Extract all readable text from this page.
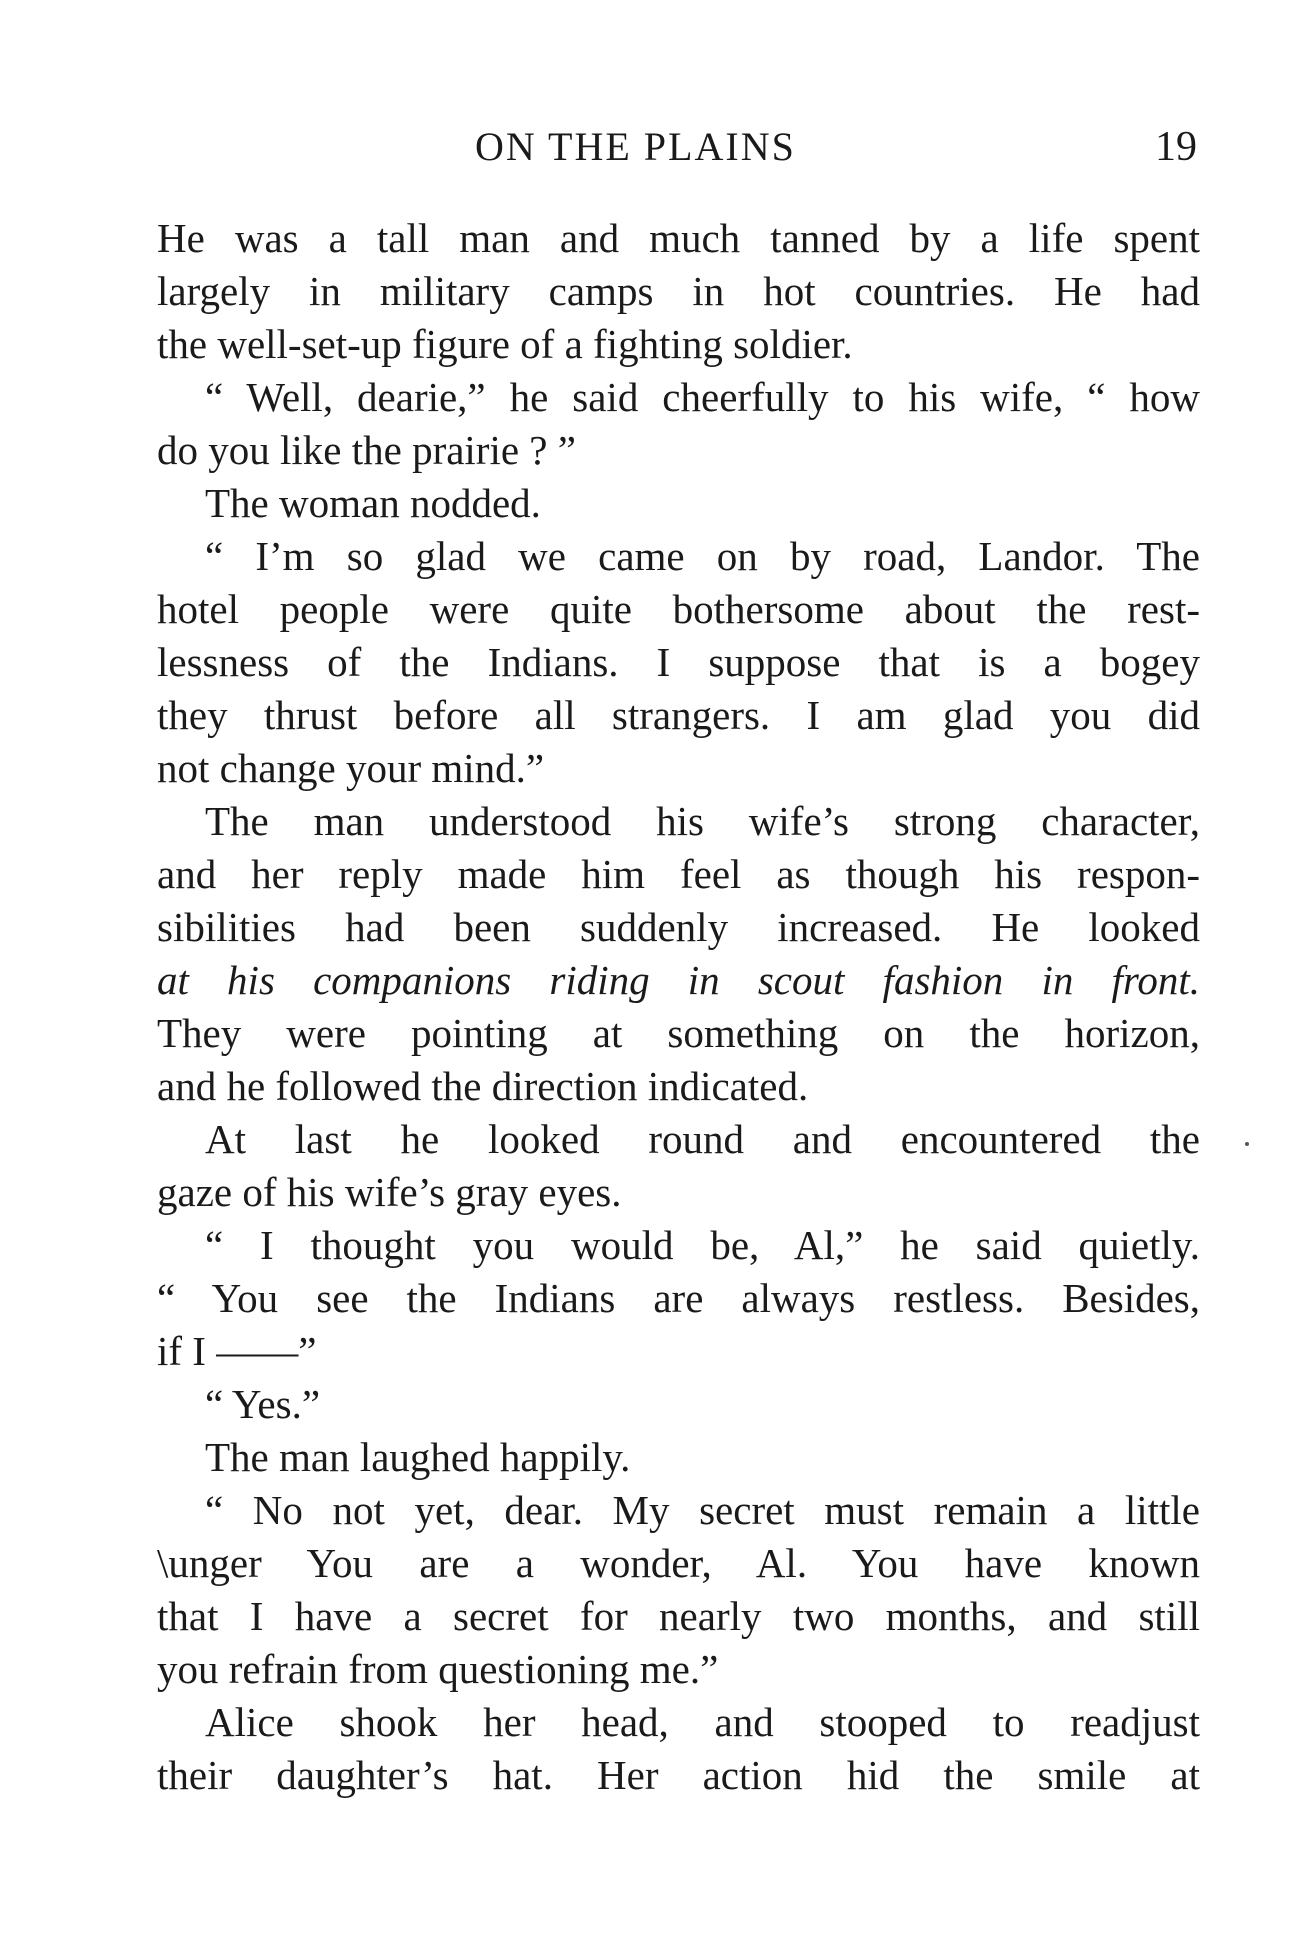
ON THE PLAINS	19
He was a tall man and much tanned by a life spent
largely in military camps in hot countries. He had
the well-set-up figure of a fighting soldier.
“ Well, dearie,” he said cheerfully to his wife, “ how
do you like the prairie ? ”
The woman nodded.
“ I’m so glad we came on by road, Landor. The
hotel people were quite bothersome about the rest-
lessness of the Indians. I suppose that is a bogey
they thrust before all strangers. I am glad you did
not change your mind.”
The man understood his wife’s strong character,
and her reply made him feel as though his respon-
sibilities had been suddenly increased. He looked
at his companions riding in scout fashion in front.
They were pointing at something on the horizon,
and he followed the direction indicated.
At last he looked round and encountered the
gaze of his wife’s gray eyes.
“ I thought you would be, Al,” he said quietly.
“ You see the Indians are always restless. Besides,
if I ——”
“ Yes.”
The man laughed happily.
“ No not yet, dear. My secret must remain a little
\unger You are a wonder, Al. You have known
that I have a secret for nearly two months, and still
you refrain from questioning me.”
Alice shook her head, and stooped to readjust
their daughter’s hat. Her action hid the smile at
